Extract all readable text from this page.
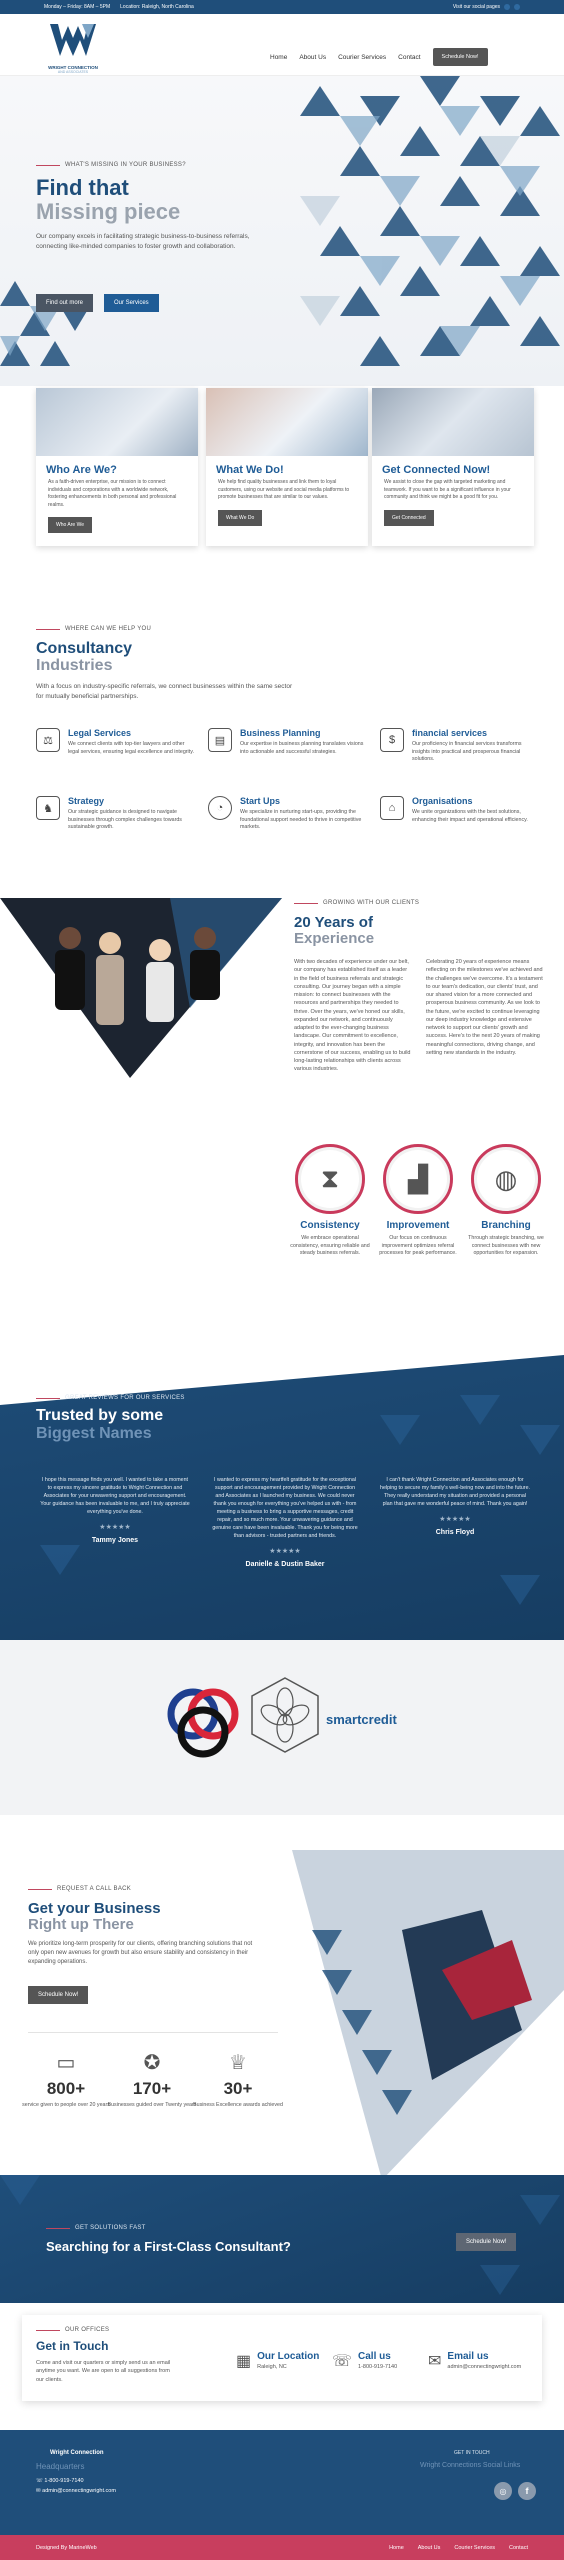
Monday – Friday: 8AM – 5PM Location: Raleigh, North Carolina	Visit our social pages
WRIGHT CONNECTION
AND ASSOCIATES
Home About Us Courier Services Contact	Schedule Now!
WHAT'S MISSING IN YOUR BUSINESS?
Find that
Missing piece
Our company excels in facilitating strategic business-to-business referrals, connecting like-minded companies to foster growth and collaboration.
Find out more	Our Services
Who Are We?

As a faith-driven enterprise, our mission is to connect individuals and corporations with a worldwide network, fostering enhancements in both personal and professional realms.

Who Are We
What We Do!

We help find quality businesses and link them to loyal customers, using our website and social media platforms to promote businesses that are similar to our values.

What We Do
Get Connected Now!

We assist to close the gap with targeted marketing and teamwork. If you want to be a significant influence in your community and think we might be a good fit for you.

Get Connected
WHERE CAN WE HELP YOU
Consultancy
Industries
With a focus on industry-specific referrals, we connect businesses within the same sector for mutually beneficial partnerships.
⚖
Legal Services

We connect clients with top-tier lawyers and other legal services, ensuring legal excellence and integrity.

▤
Business Planning

Our expertise in business planning translates visions into actionable and successful strategies.

$
financial services

Our proficiency in financial services transforms insights into practical and prosperous financial solutions.

♞
Strategy

Our strategic guidance is designed to navigate businesses through complex challenges towards sustainable growth.

◔
Start Ups

We specialize in nurturing start-ups, providing the foundational support needed to thrive in competitive markets.

⌂
Organisations

We unite organizations with the best solutions, enhancing their impact and operational efficiency.

GROWING WITH OUR CLIENTS
20 Years of
Experience
With two decades of experience under our belt, our company has established itself as a leader in the field of business referrals and strategic consulting. Our journey began with a simple mission: to connect businesses with the resources and partnerships they needed to thrive. Over the years, we've honed our skills, expanded our network, and continuously adapted to the ever-changing business landscape. Our commitment to excellence, integrity, and innovation has been the cornerstone of our success, enabling us to build long-lasting relationships with clients across various industries.
Celebrating 20 years of experience means reflecting on the milestones we've achieved and the challenges we've overcome. It's a testament to our team's dedication, our clients' trust, and our shared vision for a more connected and prosperous business community. As we look to the future, we're excited to continue leveraging our deep industry knowledge and extensive network to support our clients' growth and success. Here's to the next 20 years of making meaningful connections, driving change, and setting new standards in the industry.
⧗
Consistency

We embrace operational consistency, ensuring reliable and steady business referrals.

▟
Improvement

Our focus on continuous improvement optimizes referral processes for peak performance.

◍
Branching

Through strategic branching, we connect businesses with new opportunities for expansion.

GREAT REVIEWS FOR OUR SERVICES
Trusted by some
Biggest Names

I hope this message finds you well. I wanted to take a moment to express my sincere gratitude to Wright Connection and Associates for your unwavering support and encouragement. Your guidance has been invaluable to me, and I truly appreciate everything you've done.

★★★★★
Tammy Jones

I wanted to express my heartfelt gratitude for the exceptional support and encouragement provided by Wright Connection and Associates as I launched my business. We could never thank you enough for everything you've helped us with - from meeting a business to bring a supportive messages, credit repair, and so much more. Your unwavering guidance and genuine care have been invaluable. Thank you for being more than advisors - trusted partners and friends.

★★★★★
Danielle & Dustin Baker

I can't thank Wright Connection and Associates enough for helping to secure my family's well-being now and into the future. They really understand my situation and provided a personal plan that gave me wonderful peace of mind. Thank you again!

★★★★★
Chris Floyd
smartcredit
REQUEST A CALL BACK
Get your Business
Right up There
We prioritize long-term prosperity for our clients, offering branching solutions that not only open new avenues for growth but also ensure stability and consistency in their expanding operations.
Schedule Now!
▭
800+
service given to people over 20 years
✪
170+
Businesses guided over Twenty years
♕
30+
Business Excellence awards achieved
GET SOLUTIONS FAST
Searching for a First-Class Consultant?	Schedule Now!
OUR OFFICES
Get in Touch
Come and visit our quarters or simply send us an email anytime you want. We are open to all suggestions from our clients.
▦ Our Location

Raleigh, NC	☏ Call us

1-800-919-7140 ✉ Email us

admin@connectingwright.com

Wright Connection
Headquarters
☏ 1-800-919-7140
✉ admin@connectingwright.com
GET IN TOUCH
Wright Connections Social Links
◎	f
Designed By MarineWeb	Home	About Us	Courier Services	Contact
